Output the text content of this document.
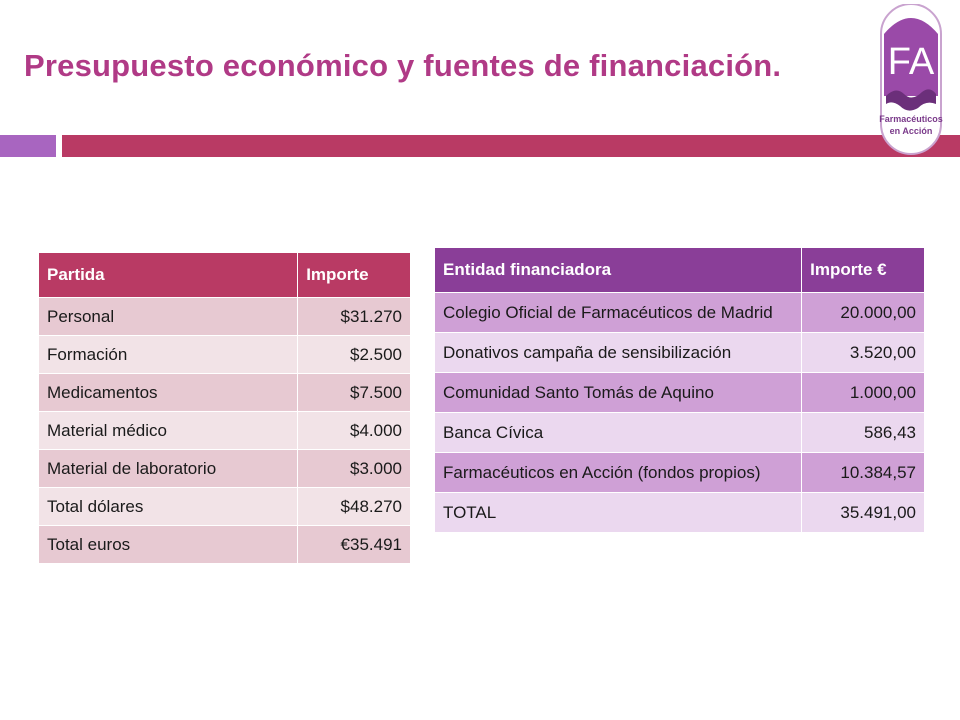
Presupuesto económico y fuentes de financiación.	FA
Farmacéuticos
en Acción
Partida	Importe
Personal	$31.270
Formación	$2.500
Medicamentos	$7.500
Material médico	$4.000
Material de laboratorio	$3.000
Total dólares	$48.270
Total euros	€35.491
Entidad financiadora	Importe €
Colegio Oficial de Farmacéuticos de Madrid	20.000,00
Donativos campaña de sensibilización	3.520,00
Comunidad Santo Tomás de Aquino	1.000,00
Banca Cívica	586,43
Farmacéuticos en Acción (fondos propios)	10.384,57
TOTAL	35.491,00
